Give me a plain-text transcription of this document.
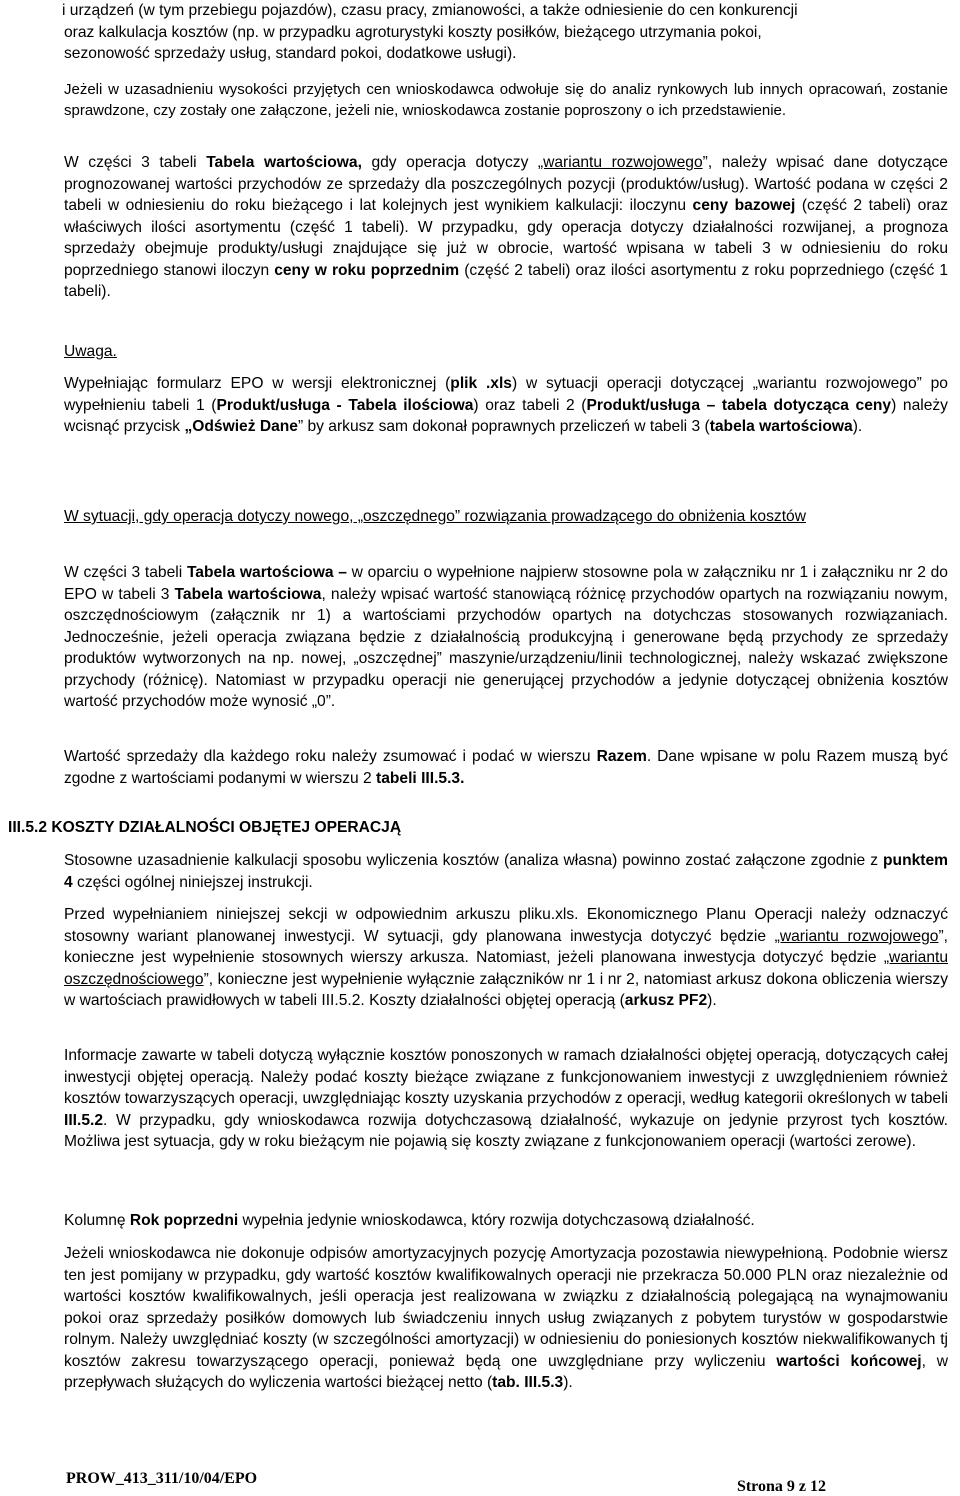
i urządzeń (w tym przebiegu pojazdów), czasu pracy, zmianowości, a także odniesienie do cen konkurencji

oraz kalkulacja kosztów (np. w przypadku agroturystyki koszty posiłków, bieżącego utrzymania pokoi,

sezonowość sprzedaży usług, standard pokoi, dodatkowe usługi).

Jeżeli w uzasadnieniu wysokości przyjętych cen wnioskodawca odwołuje się do analiz rynkowych lub innych opracowań, zostanie sprawdzone, czy zostały one załączone, jeżeli nie, wnioskodawca zostanie poproszony o ich przedstawienie.

W części 3 tabeli Tabela wartościowa, gdy operacja dotyczy „wariantu rozwojowego”, należy wpisać dane dotyczące prognozowanej wartości przychodów ze sprzedaży dla poszczególnych pozycji (produktów/usług). Wartość podana w części 2 tabeli w odniesieniu do roku bieżącego i lat kolejnych jest wynikiem kalkulacji: iloczynu ceny bazowej (część 2 tabeli) oraz właściwych ilości asortymentu (część 1 tabeli). W przypadku, gdy operacja dotyczy działalności rozwijanej, a prognoza sprzedaży obejmuje produkty/usługi znajdujące się już w obrocie, wartość wpisana w tabeli 3 w odniesieniu do roku poprzedniego stanowi iloczyn ceny w roku poprzednim (część 2 tabeli) oraz ilości asortymentu z roku poprzedniego (część 1 tabeli).

Uwaga.

Wypełniając formularz EPO w wersji elektronicznej (plik .xls) w sytuacji operacji dotyczącej „wariantu rozwojowego” po wypełnieniu tabeli 1 (Produkt/usługa - Tabela ilościowa) oraz tabeli 2 (Produkt/usługa – tabela dotycząca ceny) należy wcisnąć przycisk „Odśwież Dane” by arkusz sam dokonał poprawnych przeliczeń w tabeli 3 (tabela wartościowa).

W sytuacji, gdy operacja dotyczy nowego, „oszczędnego” rozwiązania prowadzącego do obniżenia kosztów

W części 3 tabeli Tabela wartościowa – w oparciu o wypełnione najpierw stosowne pola w załączniku nr 1 i załączniku nr 2 do EPO w tabeli 3 Tabela wartościowa, należy wpisać wartość stanowiącą różnicę przychodów opartych na rozwiązaniu nowym, oszczędnościowym (załącznik nr 1) a wartościami przychodów opartych na dotychczas stosowanych rozwiązaniach. Jednocześnie, jeżeli operacja związana będzie z działalnością produkcyjną i generowane będą przychody ze sprzedaży produktów wytworzonych na np. nowej, „oszczędnej” maszynie/urządzeniu/linii technologicznej, należy wskazać zwiększone przychody (różnicę). Natomiast w przypadku operacji nie generującej przychodów a jedynie dotyczącej obniżenia kosztów wartość przychodów może wynosić „0”.

Wartość sprzedaży dla każdego roku należy zsumować i podać w wierszu Razem. Dane wpisane w polu Razem muszą być zgodne z wartościami podanymi w wierszu 2 tabeli III.5.3.

III.5.2 KOSZTY DZIAŁALNOŚCI OBJĘTEJ OPERACJĄ

Stosowne uzasadnienie kalkulacji sposobu wyliczenia kosztów (analiza własna) powinno zostać załączone zgodnie z punktem 4 części ogólnej niniejszej instrukcji.

Przed wypełnianiem niniejszej sekcji w odpowiednim arkuszu pliku.xls. Ekonomicznego Planu Operacji należy odznaczyć stosowny wariant planowanej inwestycji. W sytuacji, gdy planowana inwestycja dotyczyć będzie „wariantu rozwojowego”, konieczne jest wypełnienie stosownych wierszy arkusza. Natomiast, jeżeli planowana inwestycja dotyczyć będzie „wariantu oszczędnościowego”, konieczne jest wypełnienie wyłącznie załączników nr 1 i nr 2, natomiast arkusz dokona obliczenia wierszy w wartościach prawidłowych w tabeli III.5.2. Koszty działalności objętej operacją (arkusz PF2).

Informacje zawarte w tabeli dotyczą wyłącznie kosztów ponoszonych w ramach działalności objętej operacją, dotyczących całej inwestycji objętej operacją. Należy podać koszty bieżące związane z funkcjonowaniem inwestycji z uwzględnieniem również kosztów towarzyszących operacji, uwzględniając koszty uzyskania przychodów z operacji, według kategorii określonych w tabeli III.5.2. W przypadku, gdy wnioskodawca rozwija dotychczasową działalność, wykazuje on jedynie przyrost tych kosztów. Możliwa jest sytuacja, gdy w roku bieżącym nie pojawią się koszty związane z funkcjonowaniem operacji (wartości zerowe).

Kolumnę Rok poprzedni wypełnia jedynie wnioskodawca, który rozwija dotychczasową działalność.

Jeżeli wnioskodawca nie dokonuje odpisów amortyzacyjnych pozycję Amortyzacja pozostawia niewypełnioną. Podobnie wiersz ten jest pomijany w przypadku, gdy wartość kosztów kwalifikowalnych operacji nie przekracza 50.000 PLN oraz niezależnie od wartości kosztów kwalifikowalnych, jeśli operacja jest realizowana w związku z działalnością polegającą na wynajmowaniu pokoi oraz sprzedaży posiłków domowych lub świadczeniu innych usług związanych z pobytem turystów w gospodarstwie rolnym. Należy uwzględniać koszty (w szczególności amortyzacji) w odniesieniu do poniesionych kosztów niekwalifikowanych tj kosztów zakresu towarzyszącego operacji, ponieważ będą one uwzględniane przy wyliczeniu wartości końcowej, w przepływach służących do wyliczenia wartości bieżącej netto (tab. III.5.3).

PROW_413_311/10/04/EPO	Strona 9 z 12
